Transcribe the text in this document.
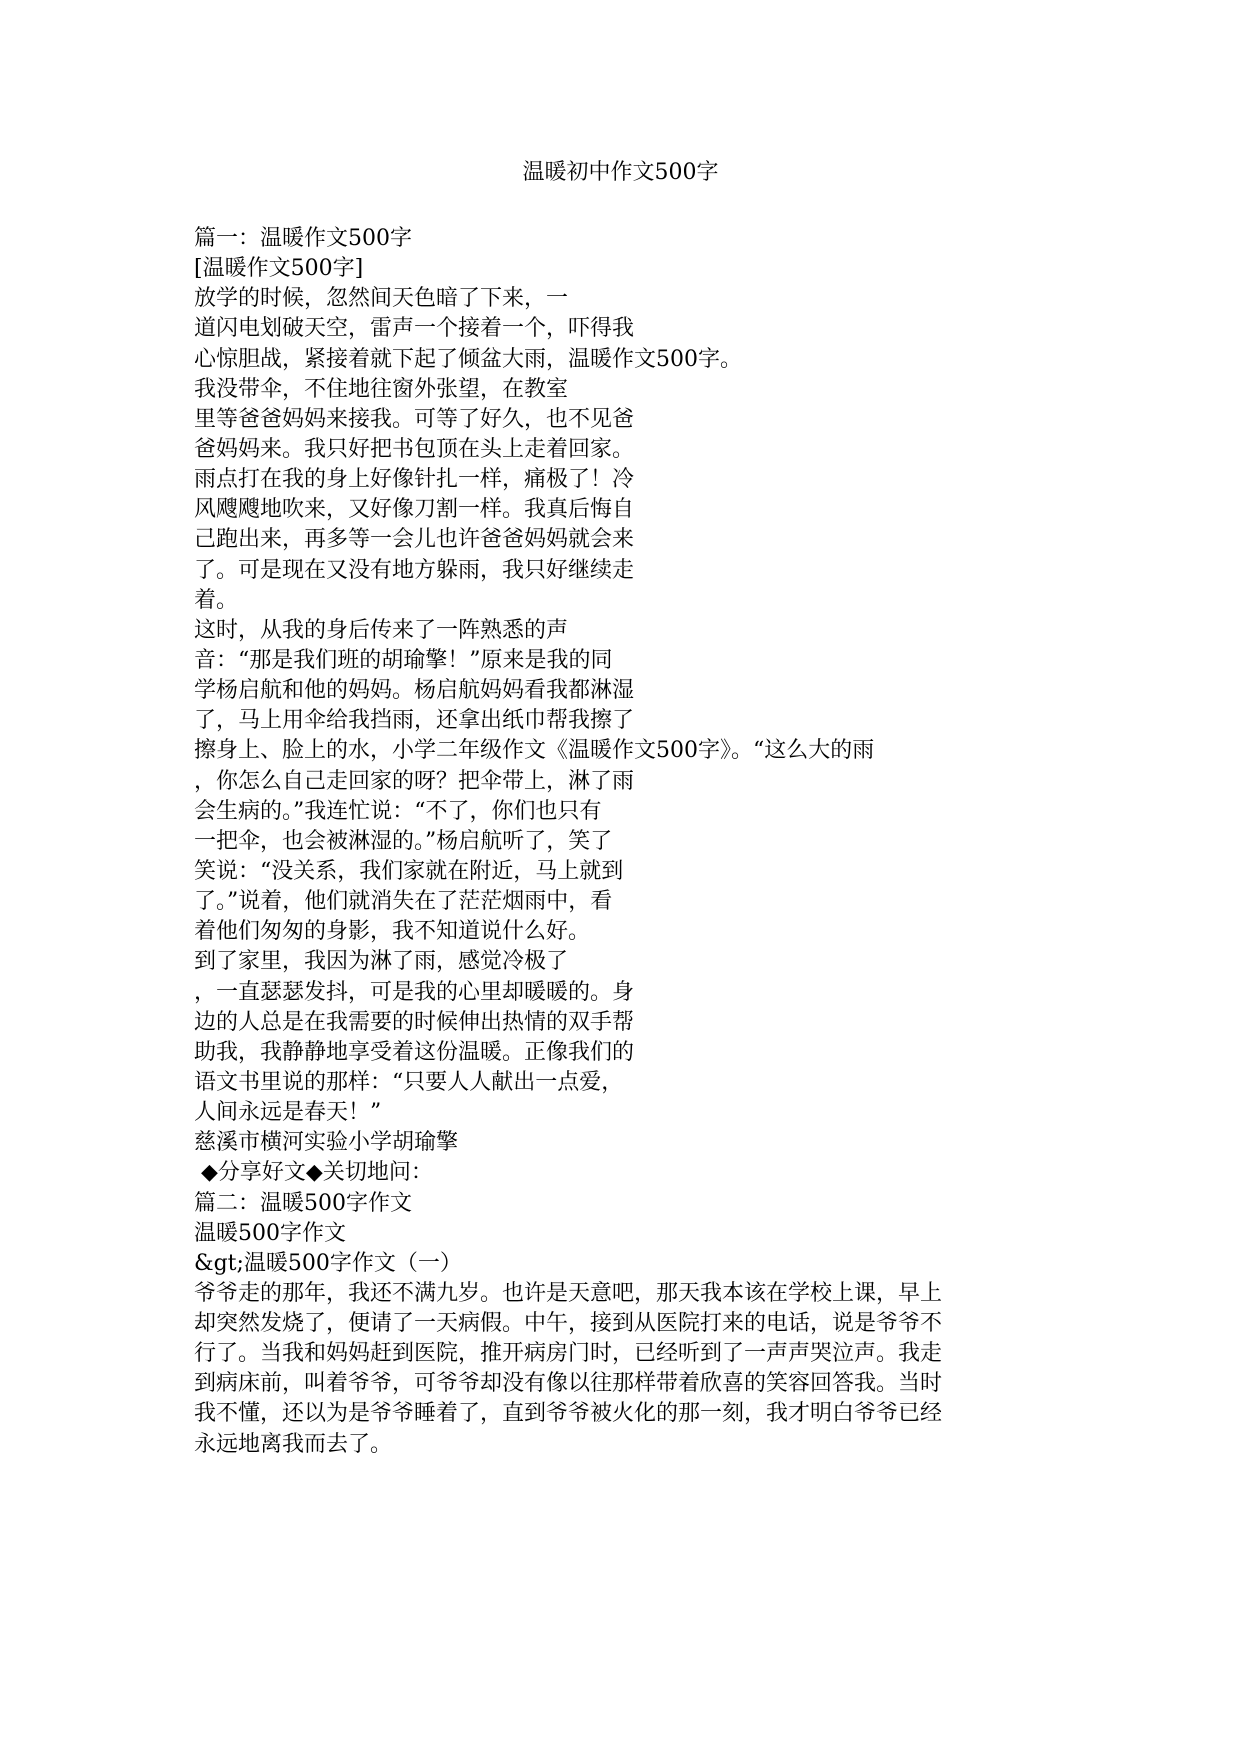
温暖初中作文500字
篇一：温暖作文500字
[温暖作文500字]
放学的时候，忽然间天色暗了下来，一
道闪电划破天空，雷声一个接着一个，吓得我
心惊胆战，紧接着就下起了倾盆大雨，温暖作文500字。
我没带伞，不住地往窗外张望，在教室
里等爸爸妈妈来接我。可等了好久，也不见爸
爸妈妈来。我只好把书包顶在头上走着回家。
雨点打在我的身上好像针扎一样，痛极了！冷
风飕飕地吹来，又好像刀割一样。我真后悔自
己跑出来，再多等一会儿也许爸爸妈妈就会来
了。可是现在又没有地方躲雨，我只好继续走
着。
这时，从我的身后传来了一阵熟悉的声
音：“那是我们班的胡瑜擎！”原来是我的同
学杨启航和他的妈妈。杨启航妈妈看我都淋湿
了，马上用伞给我挡雨，还拿出纸巾帮我擦了
擦身上、脸上的水，小学二年级作文《温暖作文500字》。“这么大的雨
，你怎么自己走回家的呀？把伞带上，淋了雨
会生病的。”我连忙说：“不了，你们也只有
一把伞，也会被淋湿的。”杨启航听了，笑了
笑说：“没关系，我们家就在附近，马上就到
了。”说着，他们就消失在了茫茫烟雨中，看
着他们匆匆的身影，我不知道说什么好。
到了家里，我因为淋了雨，感觉冷极了
，一直瑟瑟发抖，可是我的心里却暖暖的。身
边的人总是在我需要的时候伸出热情的双手帮
助我，我静静地享受着这份温暖。正像我们的
语文书里说的那样：“只要人人献出一点爱，
人间永远是春天！”
慈溪市横河实验小学胡瑜擎
◆分享好文◆关切地问：
篇二：温暖500字作文
温暖500字作文
&gt;温暖500字作文（一）
爷爷走的那年，我还不满九岁。也许是天意吧，那天我本该在学校上课，早上
却突然发烧了，便请了一天病假。中午，接到从医院打来的电话，说是爷爷不
行了。当我和妈妈赶到医院，推开病房门时，已经听到了一声声哭泣声。我走
到病床前，叫着爷爷，可爷爷却没有像以往那样带着欣喜的笑容回答我。当时
我不懂，还以为是爷爷睡着了，直到爷爷被火化的那一刻，我才明白爷爷已经
永远地离我而去了。
